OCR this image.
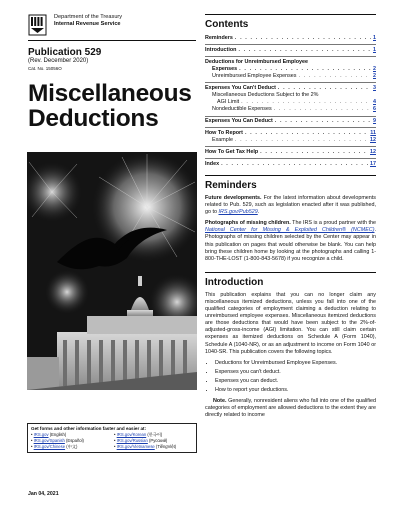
Department of the Treasury
Internal Revenue Service
Publication 529
(Rev. December 2020)
Cat. No. 15056O
Miscellaneous
Deductions
Get forms and other information faster and easier at:
• IRS.gov (English)	• IRS.gov/Korean (한국어)
• IRS.gov/Spanish (Español)	• IRS.gov/Russian (Русский)
• IRS.gov/Chinese (中文)	• IRS.gov/Vietnamese (TiếngViệt)
Jan 04, 2021
Contents
Reminders . . .	1
Introduction . . .	1
Deductions for Unreimbursed Employee
Expenses . . .	2
Unreimbursed Employee Expenses . . .	2
Expenses You Can't Deduct . . .	3
Miscellaneous Deductions Subject to the 2%
AGI Limit . . .	4
Nondeductible Expenses . . .	6
Expenses You Can Deduct . . .	9
How To Report . . .	11
Example . . .	12
How To Get Tax Help . . .	12
Index . . .	17
Reminders

Future developments. For the latest information about developments related to Pub. 529, such as legislation enacted after it was published, go to IRS.gov/Pub529.

Photographs of missing children. The IRS is a proud partner with the National Center for Missing & Exploited Children® (NCMEC). Photographs of missing children selected by the Center may appear in this publication on pages that would otherwise be blank. You can help bring these children home by looking at the photographs and calling 1-800-THE-LOST (1-800-843-5678) if you recognize a child.

Introduction

This publication explains that you can no longer claim any miscellaneous itemized deductions, unless you fall into one of the qualified categories of employment claiming a deduction relating to unreimbursed employee expenses. Miscellaneous itemized deductions are those deductions that would have been subject to the 2%-of-adjusted-gross-income (AGI) limitation. You can still claim certain expenses as itemized deductions on Schedule A (Form 1040), Schedule A (1040-NR), or as an adjustment to income on Form 1040 or 1040-SR. This publication covers the following topics.

• Deductions for Unreimbursed Employee Expenses.
• Expenses you can't deduct.
• Expenses you can deduct.
• How to report your deductions.

Note. Generally, nonresident aliens who fall into one of the qualified categories of employment are allowed deductions to the extent they are directly related to income
